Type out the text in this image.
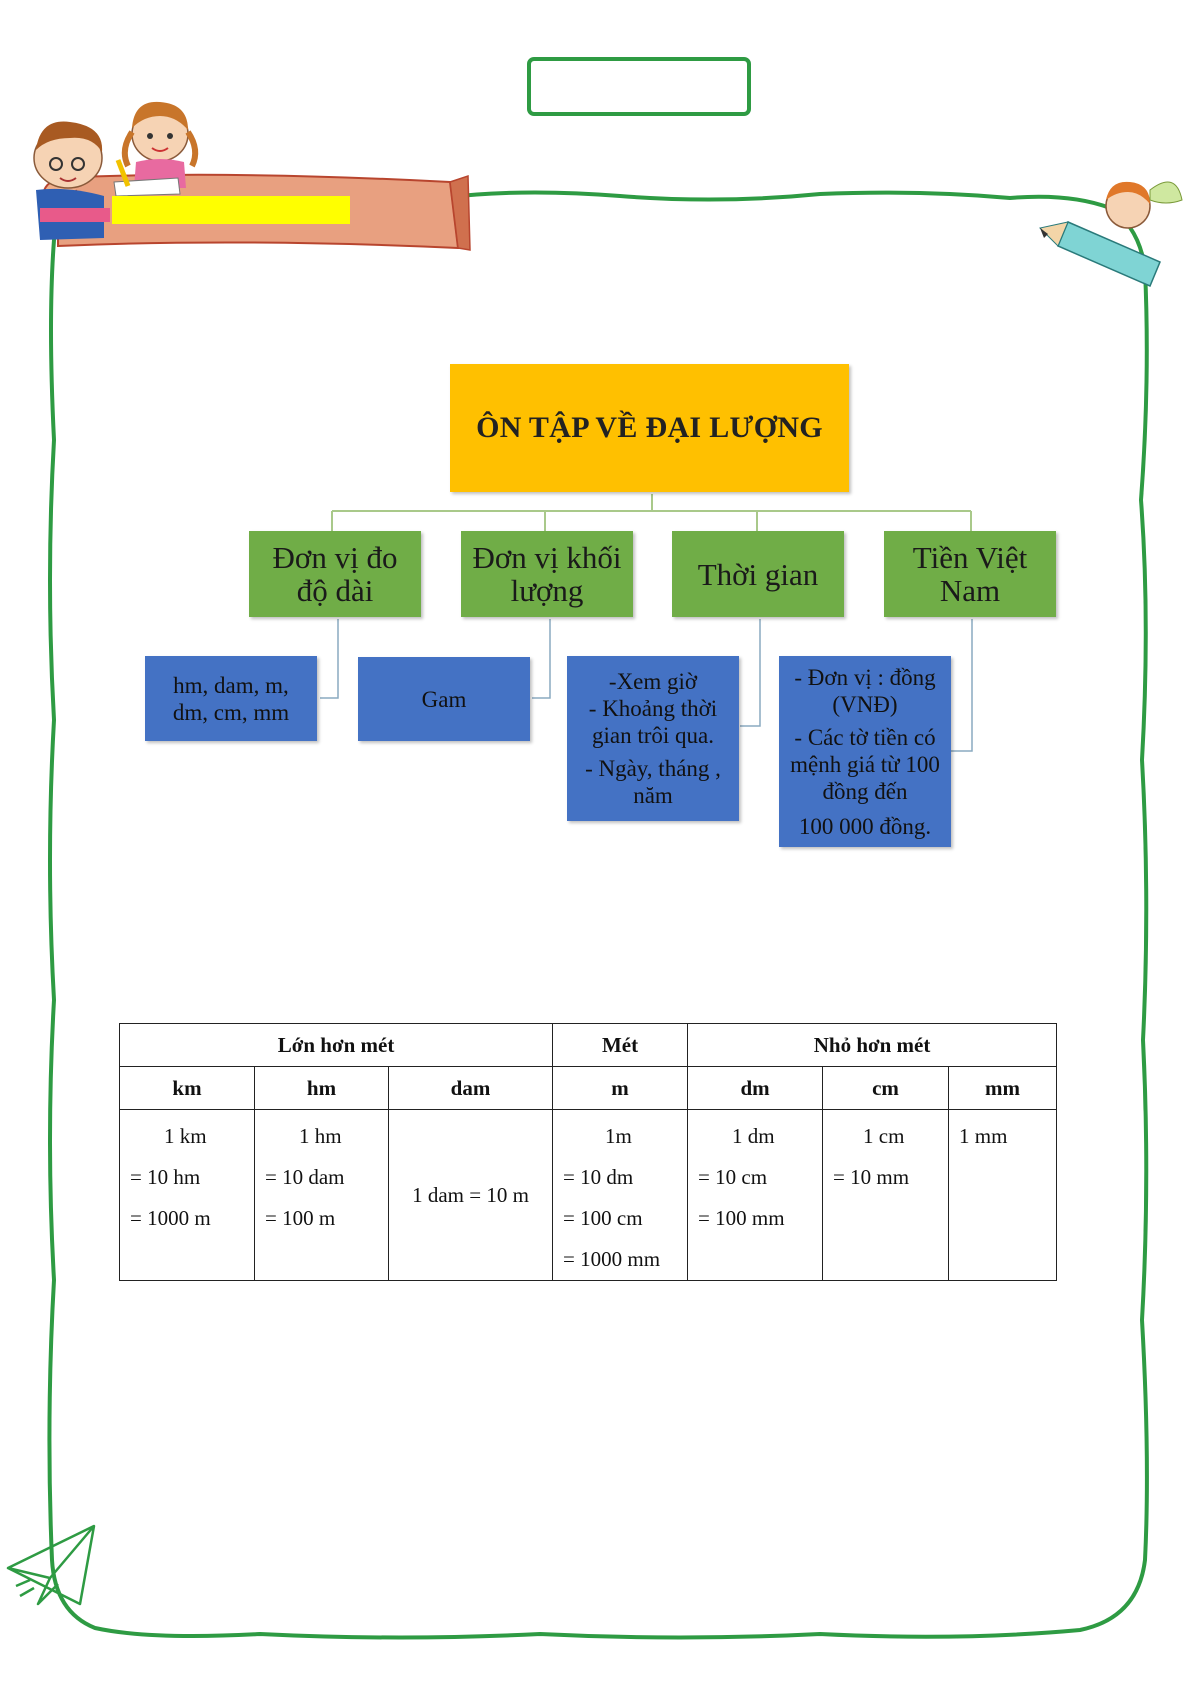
ÔN TẬP VỀ ĐẠI LƯỢNG
Đơn vị đo
độ dài
Đơn vị khối
lượng	Thời gian	Tiền Việt
Nam
hm, dam, m,
dm, cm, mm
Gam
-Xem giờ
- Khoảng thời
gian trôi qua.
- Ngày, tháng ,
năm
- Đơn vị : đồng
(VNĐ)
- Các tờ tiền có
mệnh giá từ 100
đồng đến
100 000 đồng.
Lớn hơn mét			Mét	Nhỏ hơn mét		
km	hm	dam	m	dm	cm	mm

1 km
= 10 hm
= 1000 m	1 hm
= 10 dam
= 100 m	1 dam = 10 m	1m
= 10 dm
= 100 cm
= 1000 mm	1 dm
= 10 cm
= 100 mm	1 cm
= 10 mm	1 mm
